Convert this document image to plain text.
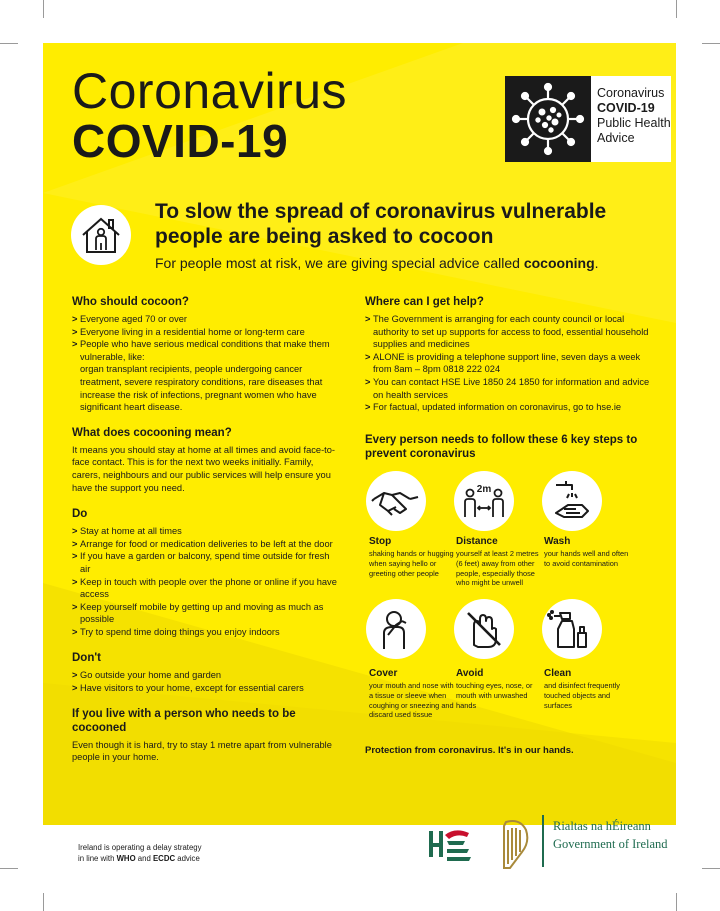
Coronavirus
COVID-19
Coronavirus
COVID-19
Public Health
Advice
To slow the spread of coronavirus vulnerable people are being asked to cocoon
For people most at risk, we are giving special advice called cocooning.
Who should cocoon?
> Everyone aged 70 or over
> Everyone living in a residential home or long-term care
> People who have serious medical conditions that make them vulnerable, like:
organ transplant recipients, people undergoing cancer treatment, severe respiratory conditions, rare diseases that increase the risk of infections, pregnant women who have significant heart disease.
What does cocooning mean?

It means you should stay at home at all times and avoid face-to-face contact. This is for the next two weeks initially. Family, carers, neighbours and our public services will help ensure you have the support you need.

Do
> Stay at home at all times
> Arrange for food or medication deliveries to be left at the door
> If you have a garden or balcony, spend time outside for fresh air
> Keep in touch with people over the phone or online if you have access
> Keep yourself mobile by getting up and moving as much as possible
> Try to spend time doing things you enjoy indoors
Don't
> Go outside your home and garden
> Have visitors to your home, except for essential carers
If you live with a person who needs to be cocooned

Even though it is hard, try to stay 1 metre apart from vulnerable people in your home.

Where can I get help?
> The Government is arranging for each county council or local authority to set up supports for access to food, essential household supplies and medicines
> ALONE is providing a telephone support line, seven days a week from 8am – 8pm 0818 222 024
> You can contact HSE Live 1850 24 1850 for information and advice on health services
> For factual, updated information on coronavirus, go to hse.ie
Every person needs to follow these 6 key steps to prevent coronavirus
2m
Stop
shaking hands or hugging when saying hello or greeting other people
Distance
yourself at least 2 metres (6 feet) away from other people, especially those who might be unwell
Wash
your hands well and often to avoid contamination
Cover
your mouth and nose with a tissue or sleeve when coughing or sneezing and discard used tissue
Avoid
touching eyes, nose, or mouth with unwashed hands
Clean
and disinfect frequently touched objects and surfaces
Protection from coronavirus. It's in our hands.
Ireland is operating a delay strategy
in line with WHO and ECDC advice
Rialtas na hÉireann
Government of Ireland
